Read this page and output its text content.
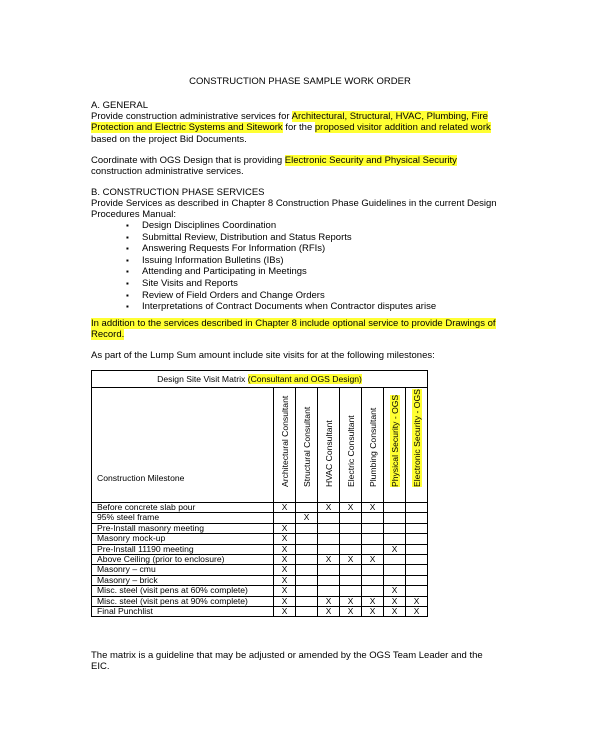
CONSTRUCTION PHASE SAMPLE WORK ORDER
A. GENERAL
Provide construction administrative services for Architectural, Structural, HVAC, Plumbing, Fire Protection and Electric Systems and Sitework for the proposed visitor addition and related work based on the project Bid Documents.
Coordinate with OGS Design that is providing Electronic Security and Physical Security construction administrative services.
B. CONSTRUCTION PHASE SERVICES
Provide Services as described in Chapter 8 Construction Phase Guidelines in the current Design Procedures Manual:
▪ Design Disciplines Coordination
▪ Submittal Review, Distribution and Status Reports
▪ Answering Requests For Information (RFIs)
▪ Issuing Information Bulletins (IBs)
▪ Attending and Participating in Meetings
▪ Site Visits and Reports
▪ Review of Field Orders and Change Orders
▪ Interpretations of Contract Documents when Contractor disputes arise
In addition to the services described in Chapter 8 include optional service to provide Drawings of Record.
As part of the Lump Sum amount include site visits for at the following milestones:
Design Site Visit Matrix (Consultant and OGS Design)							
Construction Milestone	Architectural Consultant	Structural Consultant	HVAC Consultant	Electric Consultant	Plumbing Consultant	Physical Security - OGS	Electronic Security - OGS

Before concrete slab pour	X		X	X	X		
95% steel frame		X					
Pre-Install masonry meeting	X						
Masonry mock-up	X						
Pre-Install 11190 meeting	X					X	
Above Ceiling (prior to enclosure)	X		X	X	X		
Masonry – cmu	X						
Masonry – brick	X						
Misc. steel (visit pens at 60% complete)	X					X	
Misc. steel (visit pens at 90% complete)	X		X	X	X	X	X
Final Punchlist	X		X	X	X	X	X
The matrix is a guideline that may be adjusted or amended by the OGS Team Leader and the EIC.
